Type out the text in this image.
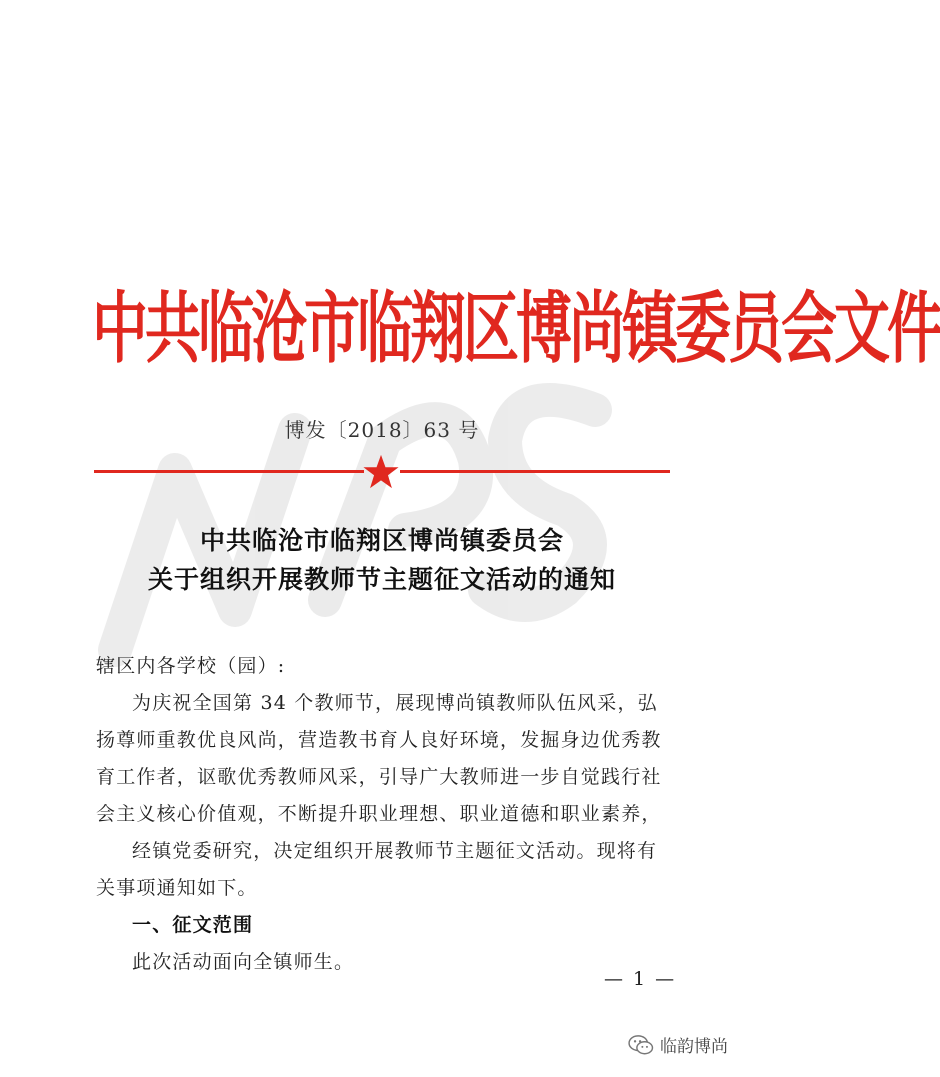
中共临沧市临翔区博尚镇委员会文件
博发〔2018〕63 号
中共临沧市临翔区博尚镇委员会
关于组织开展教师节主题征文活动的通知
辖区内各学校（园）:
为庆祝全国第 34 个教师节，展现博尚镇教师队伍风采，弘
扬尊师重教优良风尚，营造教书育人良好环境，发掘身边优秀教
育工作者，讴歌优秀教师风采，引导广大教师进一步自觉践行社
会主义核心价值观，不断提升职业理想、职业道德和职业素养，
经镇党委研究，决定组织开展教师节主题征文活动。现将有
关事项通知如下。
一、征文范围
此次活动面向全镇师生。
— 1 —
临韵博尚
